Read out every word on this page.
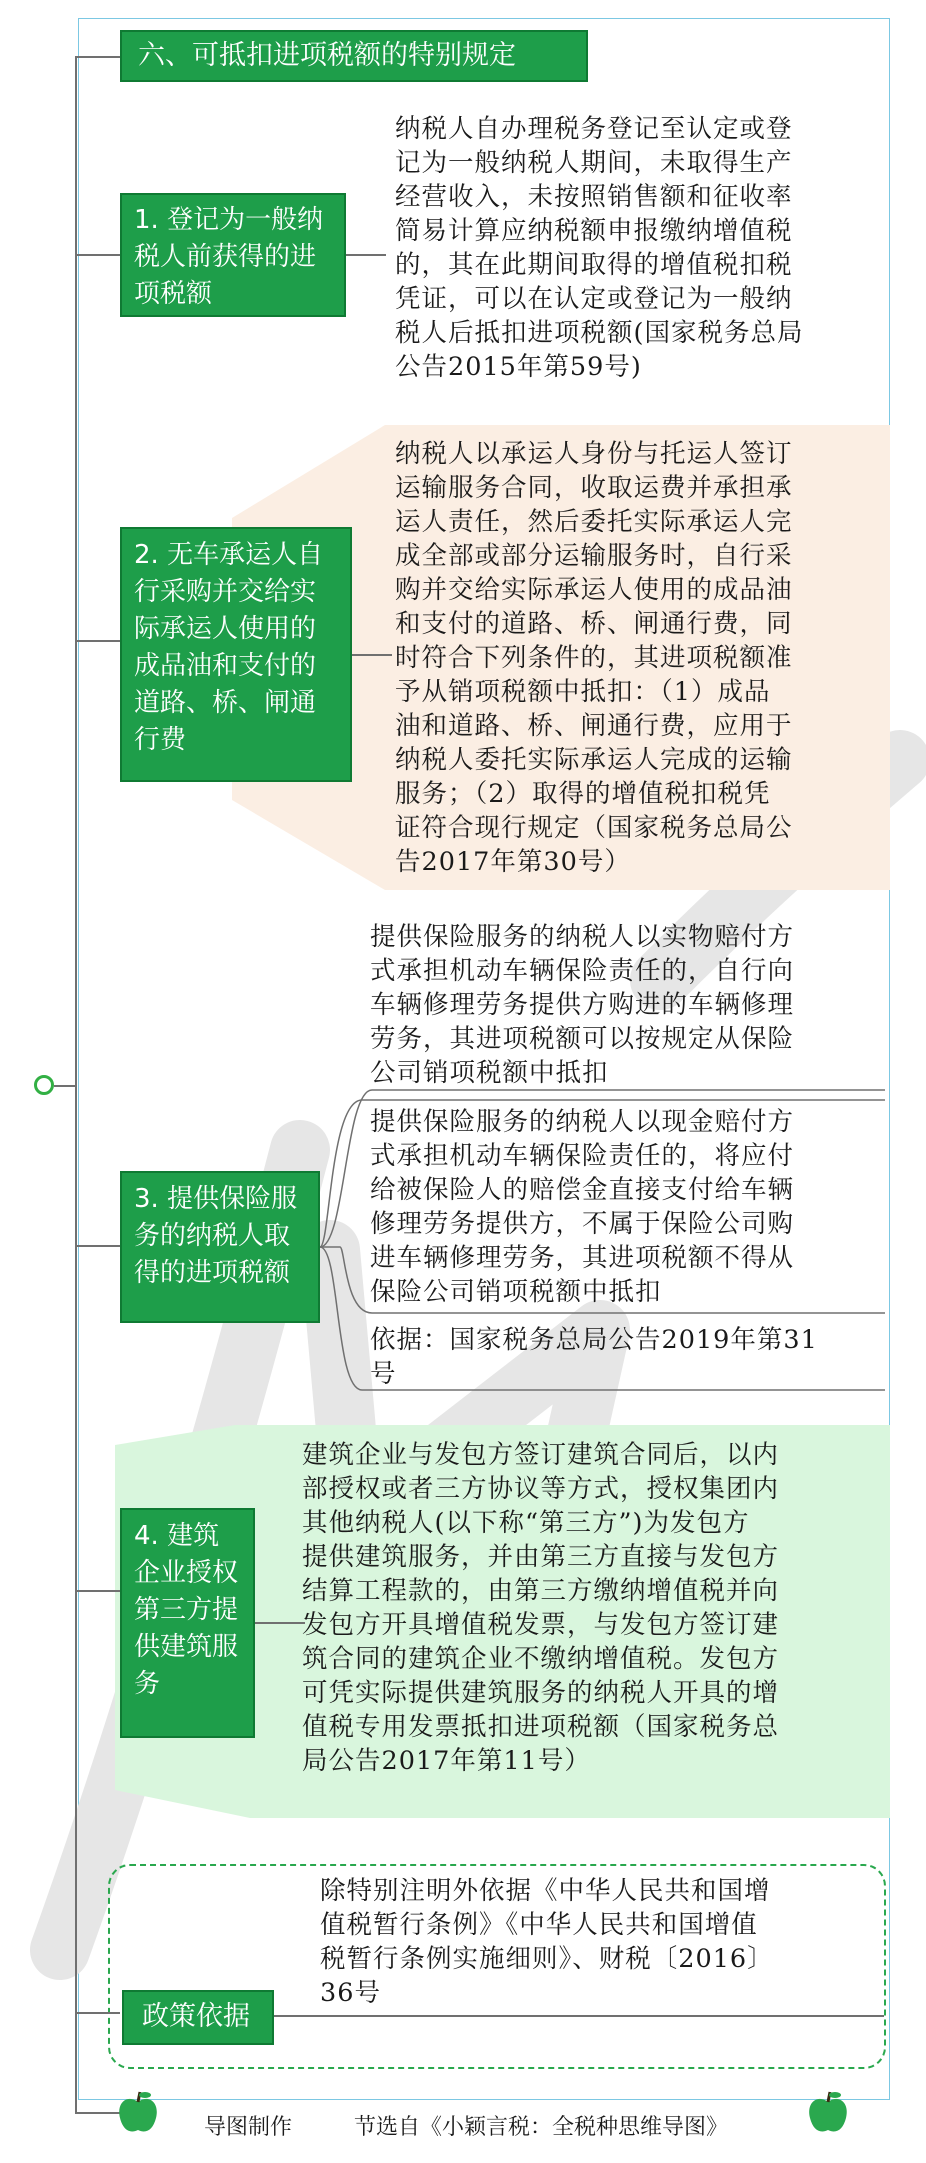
六、可抵扣进项税额的特别规定
1. 登记为一般纳税人前获得的进项税额
纳税人自办理税务登记至认定或登
记为一般纳税人期间，未取得生产
经营收入，未按照销售额和征收率
简易计算应纳税额申报缴纳增值税
的，其在此期间取得的增值税扣税
凭证，可以在认定或登记为一般纳
税人后抵扣进项税额(国家税务总局
公告2015年第59号)
2. 无车承运人自行采购并交给实际承运人使用的成品油和支付的道路、桥、闸通行费
纳税人以承运人身份与托运人签订
运输服务合同，收取运费并承担承
运人责任，然后委托实际承运人完
成全部或部分运输服务时，自行采
购并交给实际承运人使用的成品油
和支付的道路、桥、闸通行费，同
时符合下列条件的，其进项税额准
予从销项税额中抵扣：（1）成品
油和道路、桥、闸通行费，应用于
纳税人委托实际承运人完成的运输
服务；（2）取得的增值税扣税凭
证符合现行规定（国家税务总局公
告2017年第30号）
3. 提供保险服务的纳税人取得的进项税额
提供保险服务的纳税人以实物赔付方
式承担机动车辆保险责任的，自行向
车辆修理劳务提供方购进的车辆修理
劳务，其进项税额可以按规定从保险
公司销项税额中抵扣
提供保险服务的纳税人以现金赔付方
式承担机动车辆保险责任的，将应付
给被保险人的赔偿金直接支付给车辆
修理劳务提供方，不属于保险公司购
进车辆修理劳务，其进项税额不得从
保险公司销项税额中抵扣
依据：国家税务总局公告2019年第31
号
4. 建筑企业授权第三方提供建筑服务
建筑企业与发包方签订建筑合同后，以内
部授权或者三方协议等方式，授权集团内
其他纳税人(以下称“第三方”)为发包方
提供建筑服务，并由第三方直接与发包方
结算工程款的，由第三方缴纳增值税并向
发包方开具增值税发票，与发包方签订建
筑合同的建筑企业不缴纳增值税。发包方
可凭实际提供建筑服务的纳税人开具的增
值税专用发票抵扣进项税额（国家税务总
局公告2017年第11号）
政策依据
除特别注明外依据《中华人民共和国增
值税暂行条例》《中华人民共和国增值
税暂行条例实施细则》、财税〔2016〕
36号
导图制作	节选自《小颖言税：全税种思维导图》
